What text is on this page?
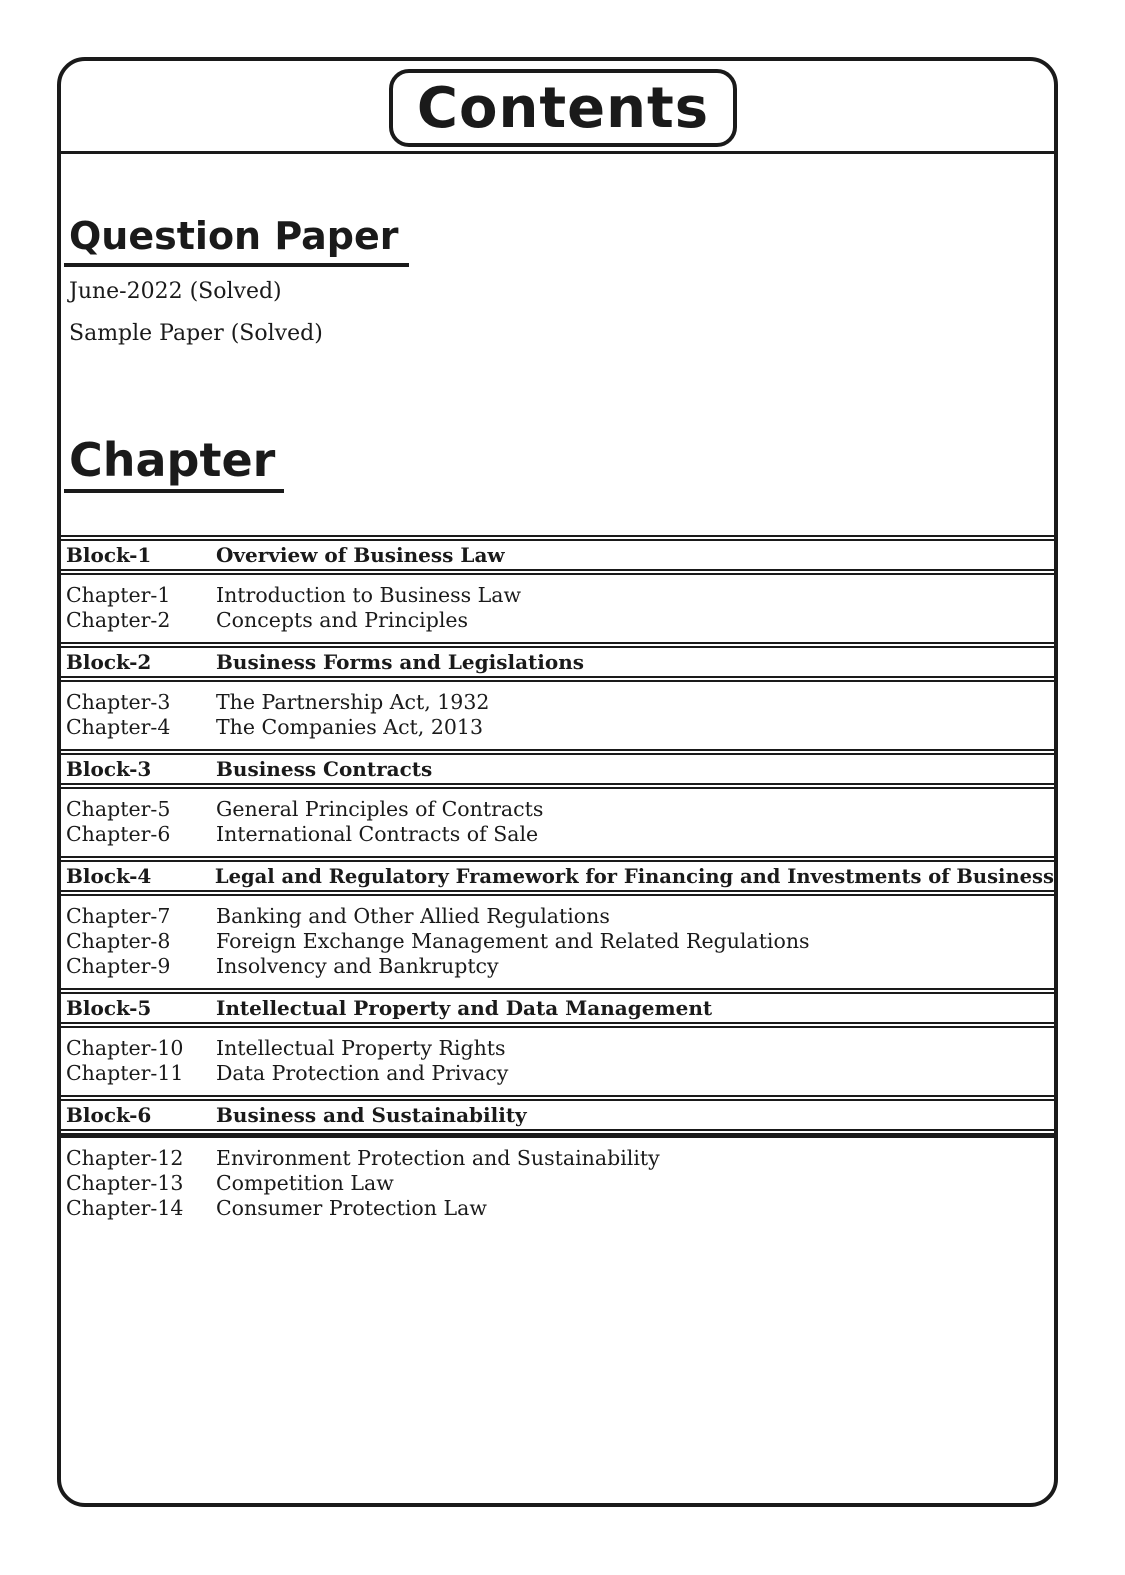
Contents
Question Paper
June-2022 (Solved)
Sample Paper (Solved)
Chapter
Block-1	Overview of Business Law
Chapter-1	Introduction to Business Law
Chapter-2	Concepts and Principles
Block-2	Business Forms and Legislations
Chapter-3	The Partnership Act, 1932
Chapter-4	The Companies Act, 2013
Block-3	Business Contracts
Chapter-5	General Principles of Contracts
Chapter-6	International Contracts of Sale
Block-4	Legal and Regulatory Framework for Financing and Investments of Business
Chapter-7	Banking and Other Allied Regulations
Chapter-8	Foreign Exchange Management and Related Regulations
Chapter-9	Insolvency and Bankruptcy
Block-5	Intellectual Property and Data Management
Chapter-10	Intellectual Property Rights
Chapter-11	Data Protection and Privacy
Block-6	Business and Sustainability
Chapter-12	Environment Protection and Sustainability
Chapter-13	Competition Law
Chapter-14	Consumer Protection Law
